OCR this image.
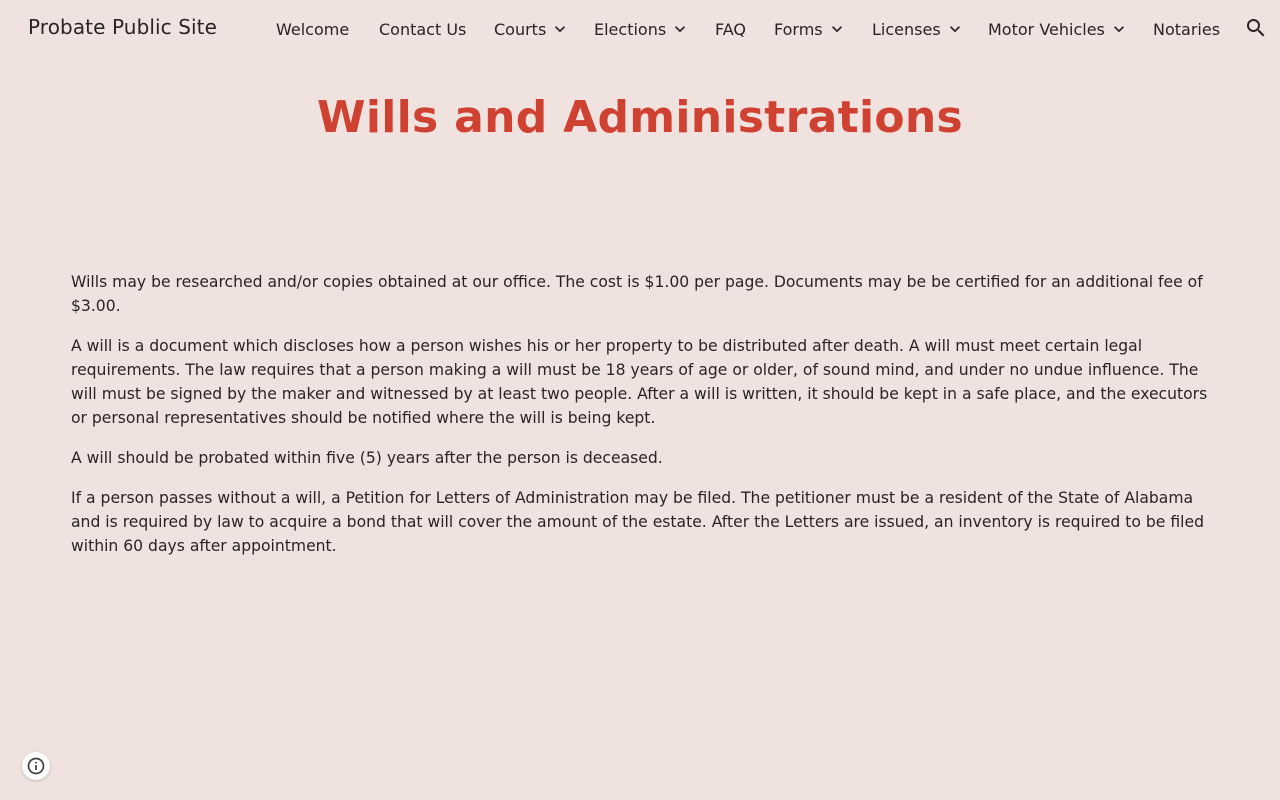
Probate Public Site	Welcome Contact Us Courts	Elections	FAQ Forms	Licenses	Motor Vehicles	Notaries
Wills and Administrations

Wills may be researched and/or copies obtained at our office. The cost is $1.00 per page. Documents may be be certified for an additional fee of $3.00.

A will is a document which discloses how a person wishes his or her property to be distributed after death. A will must meet certain legal requirements. The law requires that a person making a will must be 18 years of age or older, of sound mind, and under no undue influence. The will must be signed by the maker and witnessed by at least two people. After a will is written, it should be kept in a safe place, and the executors or personal representatives should be notified where the will is being kept.

A will should be probated within five (5) years after the person is deceased.

If a person passes without a will, a Petition for Letters of Administration may be filed. The petitioner must be a resident of the State of Alabama and is required by law to acquire a bond that will cover the amount of the estate. After the Letters are issued, an inventory is required to be filed within 60 days after appointment.
